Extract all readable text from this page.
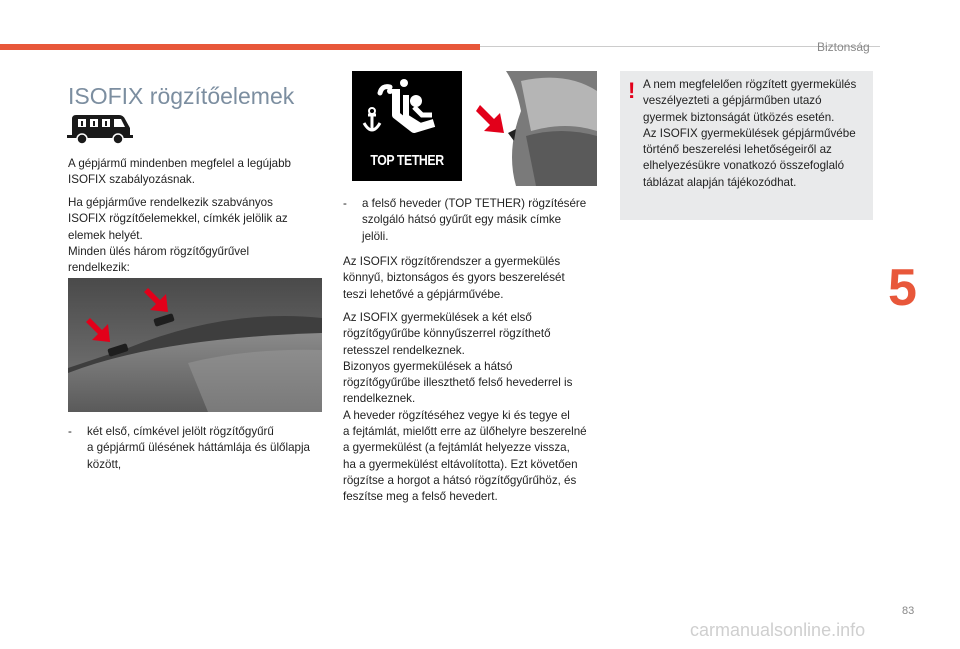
Biztonság
5
ISOFIX rögzítőelemek
A gépjármű mindenben megfelel a legújabb
ISOFIX szabályozásnak.
Ha gépjárműve rendelkezik szabványos
ISOFIX rögzítőelemekkel, címkék jelölik az
elemek helyét.
Minden ülés három rögzítőgyűrűvel
rendelkezik:
- két első, címkével jelölt rögzítőgyűrű
a gépjármű ülésének háttámlája és ülőlapja
között,
TOP TETHER
- a felső heveder (TOP TETHER) rögzítésére
szolgáló hátsó gyűrűt egy másik címke
jelöli.
Az ISOFIX rögzítőrendszer a gyermekülés
könnyű, biztonságos és gyors beszerelését
teszi lehetővé a gépjárművébe.
Az ISOFIX gyermekülések a két első
rögzítőgyűrűbe könnyűszerrel rögzíthető
retesszel rendelkeznek.
Bizonyos gyermekülések a hátsó
rögzítőgyűrűbe illeszthető felső hevederrel is
rendelkeznek.
A heveder rögzítéséhez vegye ki és tegye el
a fejtámlát, mielőtt erre az ülőhelyre beszerelné
a gyermekülést (a fejtámlát helyezze vissza,
ha a gyermekülést eltávolította). Ezt követően
rögzítse a horgot a hátsó rögzítőgyűrűhöz, és
feszítse meg a felső hevedert.
! A nem megfelelően rögzített gyermekülés
veszélyezteti a gépjárműben utazó
gyermek biztonságát ütközés esetén.
Az ISOFIX gyermekülések gépjárművébe
történő beszerelési lehetőségeiről az
elhelyezésükre vonatkozó összefoglaló
táblázat alapján tájékozódhat.
83
carmanualsonline.info
